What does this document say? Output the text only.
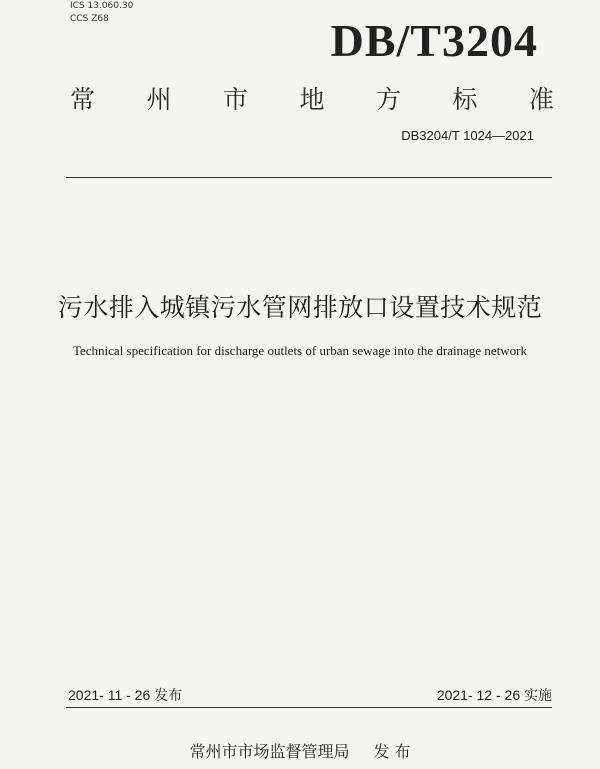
ICS 13.060.30
CCS Z68	DB/T3204
常 州 市 地 方 标 准
DB3204/T 1024—2021
污水排入城镇污水管网排放口设置技术规范
Technical specification for discharge outlets of urban sewage into the drainage network
2021- 11 - 26 发布	2021- 12 - 26 实施
常州市市场监督管理局 发 布
